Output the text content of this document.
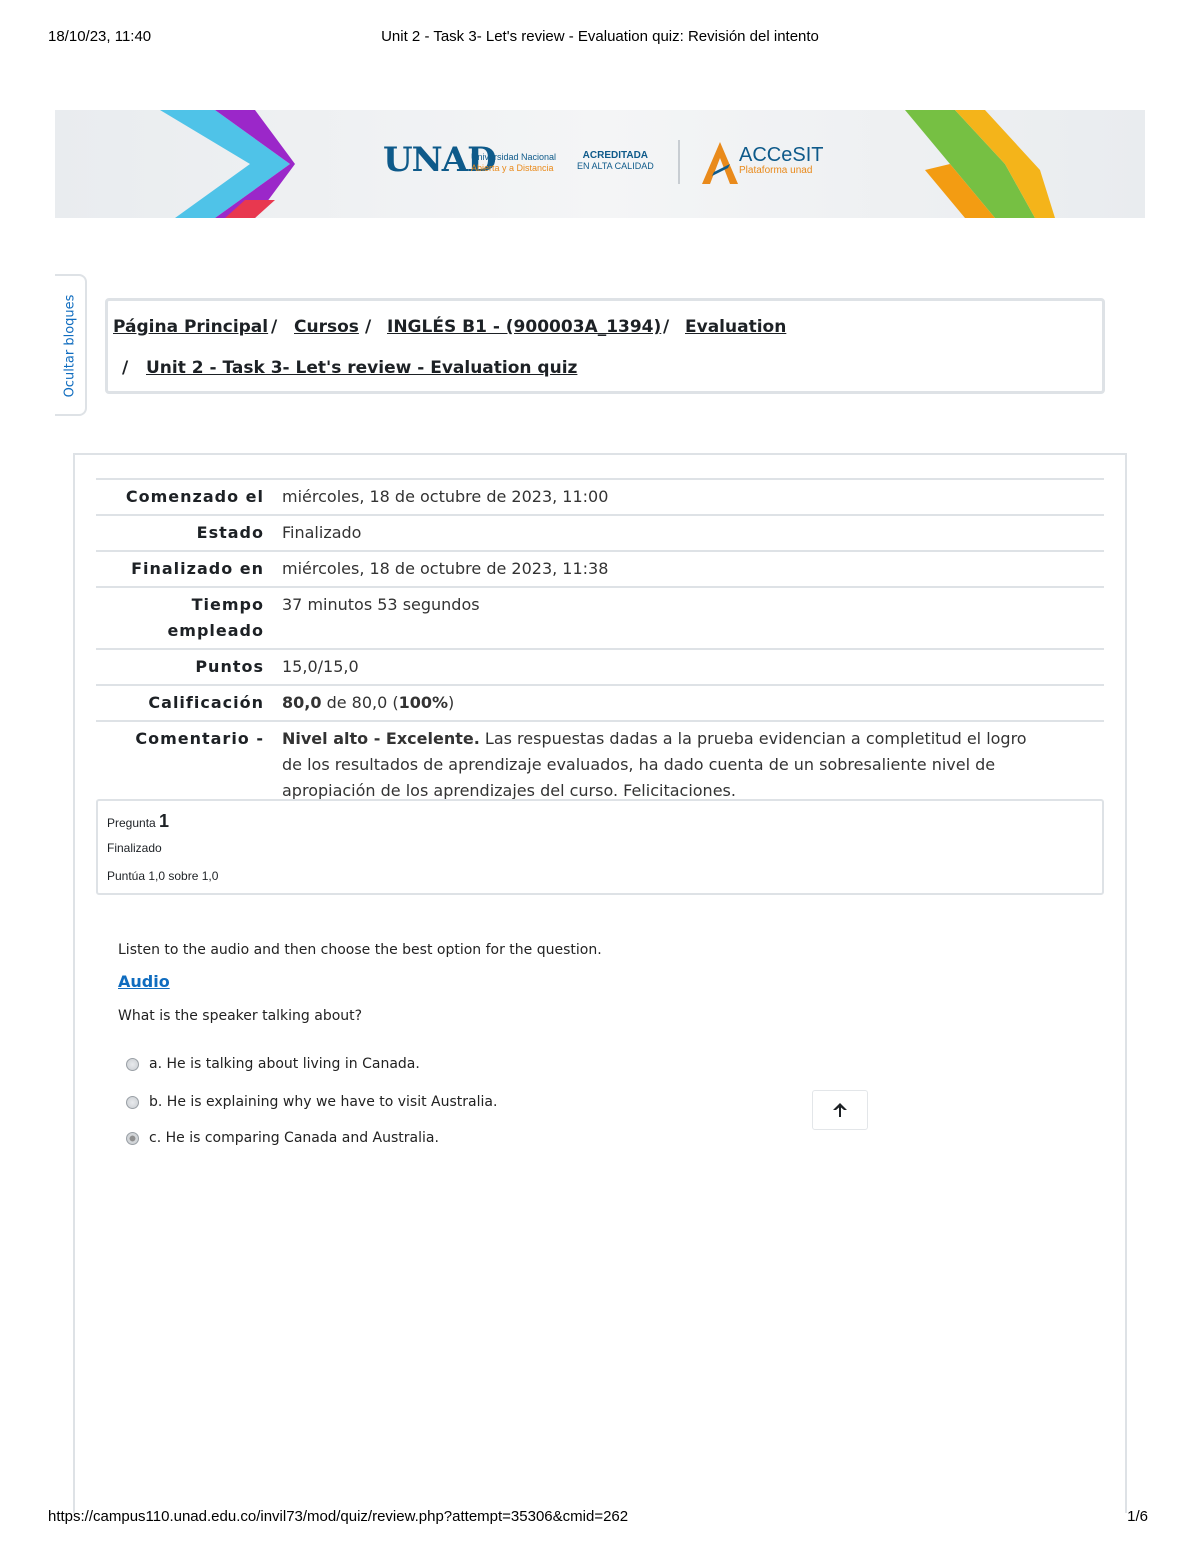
18/10/23, 11:40	Unit 2 - Task 3- Let's review - Evaluation quiz: Revisión del intento
UNAD
Universidad Nacional
Abierta y a Distancia
ACREDITADA
EN ALTA CALIDAD	ACCeSIT
Plataforma unad
Ocultar bloques Página Principal / Cursos / INGLÉS B1 - (900003A_1394) / Evaluation
/ Unit 2 - Task 3- Let's review - Evaluation quiz
Comenzado el	miércoles, 18 de octubre de 2023, 11:00
Estado	Finalizado
Finalizado en	miércoles, 18 de octubre de 2023, 11:38
Tiempo empleado	37 minutos 53 segundos
Puntos	15,0/15,0
Calificación	80,0 de 80,0 (100%)
Comentario -	Nivel alto - Excelente. Las respuestas dadas a la prueba evidencian a completitud el logro de los resultados de aprendizaje evaluados, ha dado cuenta de un sobresaliente nivel de apropiación de los aprendizajes del curso. Felicitaciones.
Pregunta 1
Finalizado
Puntúa 1,0 sobre 1,0
Listen to the audio and then choose the best option for the question.
Audio
What is the speaker talking about?
a. He is talking about living in Canada.
b. He is explaining why we have to visit Australia.
c. He is comparing Canada and Australia.
https://campus110.unad.edu.co/invil73/mod/quiz/review.php?attempt=35306&cmid=262	1/6
